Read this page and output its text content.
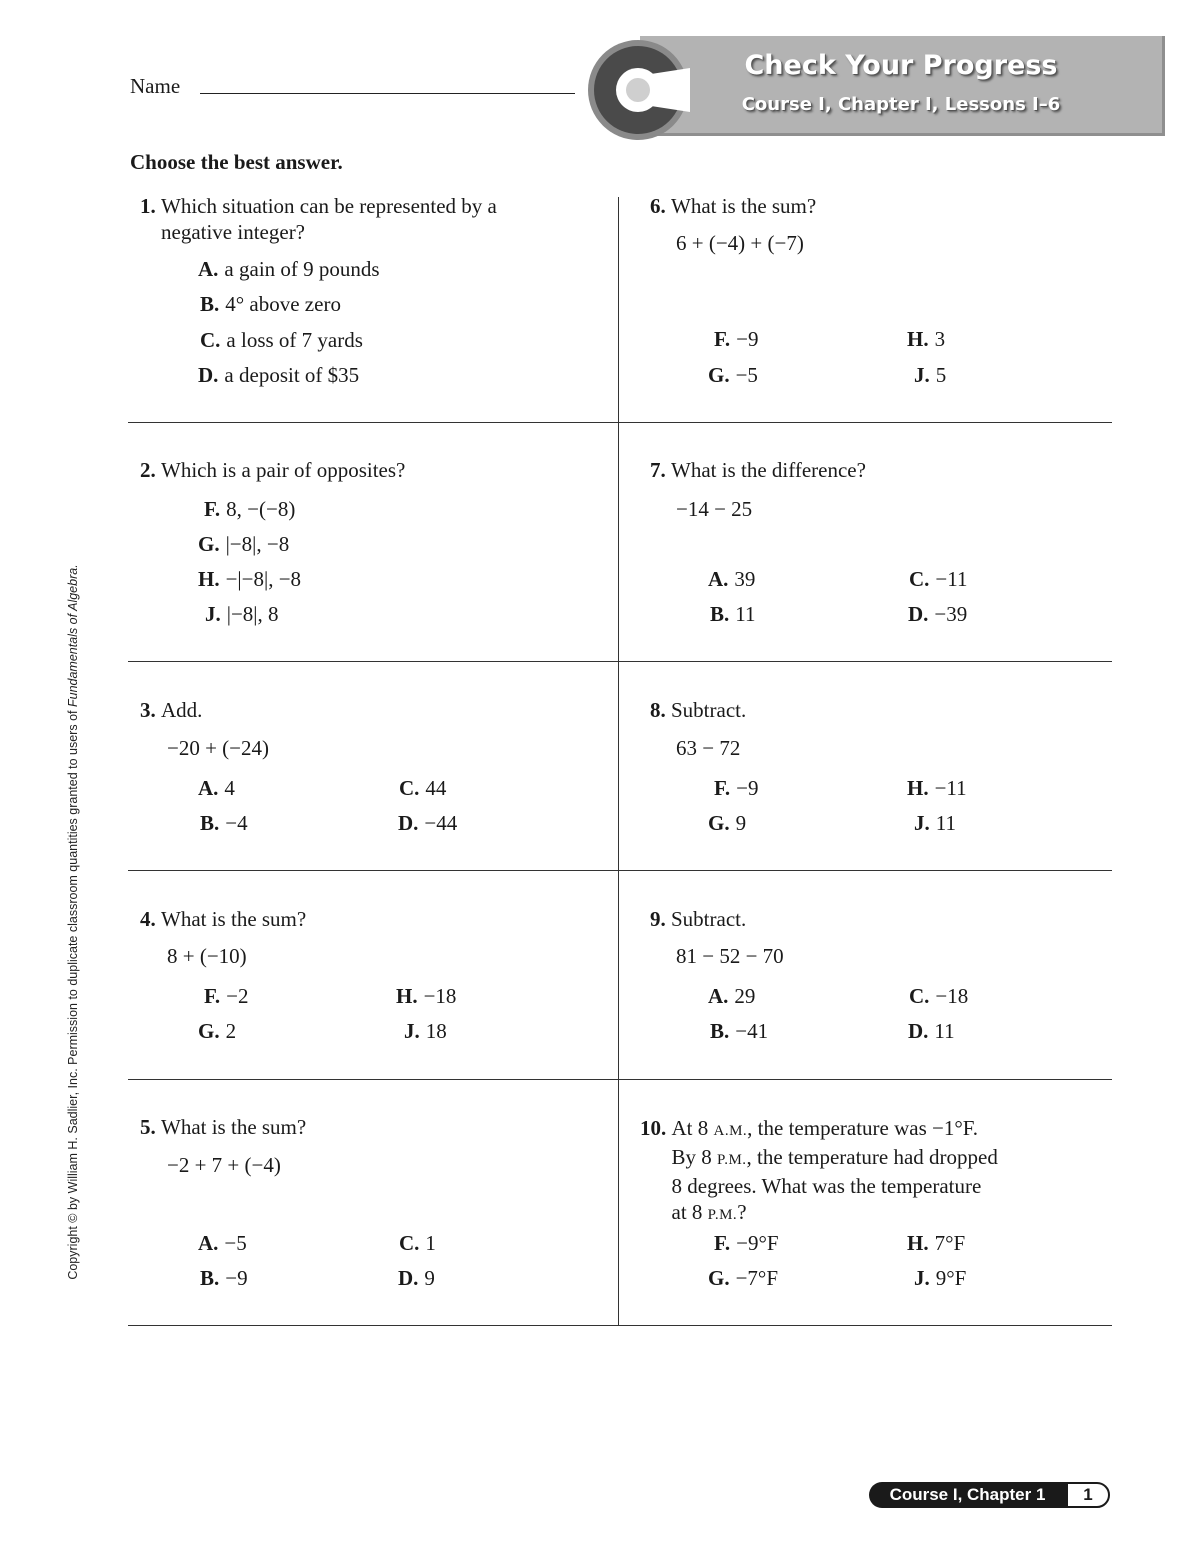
Name
Check Your Progress
Course I, Chapter I, Lessons I–6
Choose the best answer.
Copyright © by William H. Sadlier, Inc. Permission to duplicate classroom quantities granted to users of Fundamentals of Algebra.
1. Which situation can be represented by a
negative integer?
A. a gain of 9 pounds
B. 4° above zero
C. a loss of 7 yards
D. a deposit of $35
2. Which is a pair of opposites?
F. 8, −(−8)
G. |−8|, −8
H. −|−8|, −8
J. |−8|, 8
3. Add.
−20 + (−24)
A. 4
B. −4
C. 44
D. −44
4. What is the sum?
8 + (−10)
F. −2
G. 2
H. −18
J. 18
5. What is the sum?
−2 + 7 + (−4)
A. −5
B. −9
C. 1
D. 9
6. What is the sum?
6 + (−4) + (−7)
F. −9
G. −5
H. 3
J. 5
7. What is the difference?
−14 − 25
A. 39
B. 11
C. −11
D. −39
8. Subtract.
63 − 72
F. −9
G. 9
H. −11
J. 11
9. Subtract.
81 − 52 − 70
A. 29
B. −41
C. −18
D. 11
10. At 8 A.M., the temperature was −1°F.
By 8 P.M., the temperature had dropped
8 degrees. What was the temperature
at 8 P.M.?
F. −9°F
G. −7°F
H. 7°F
J. 9°F
Course I, Chapter 1	1
